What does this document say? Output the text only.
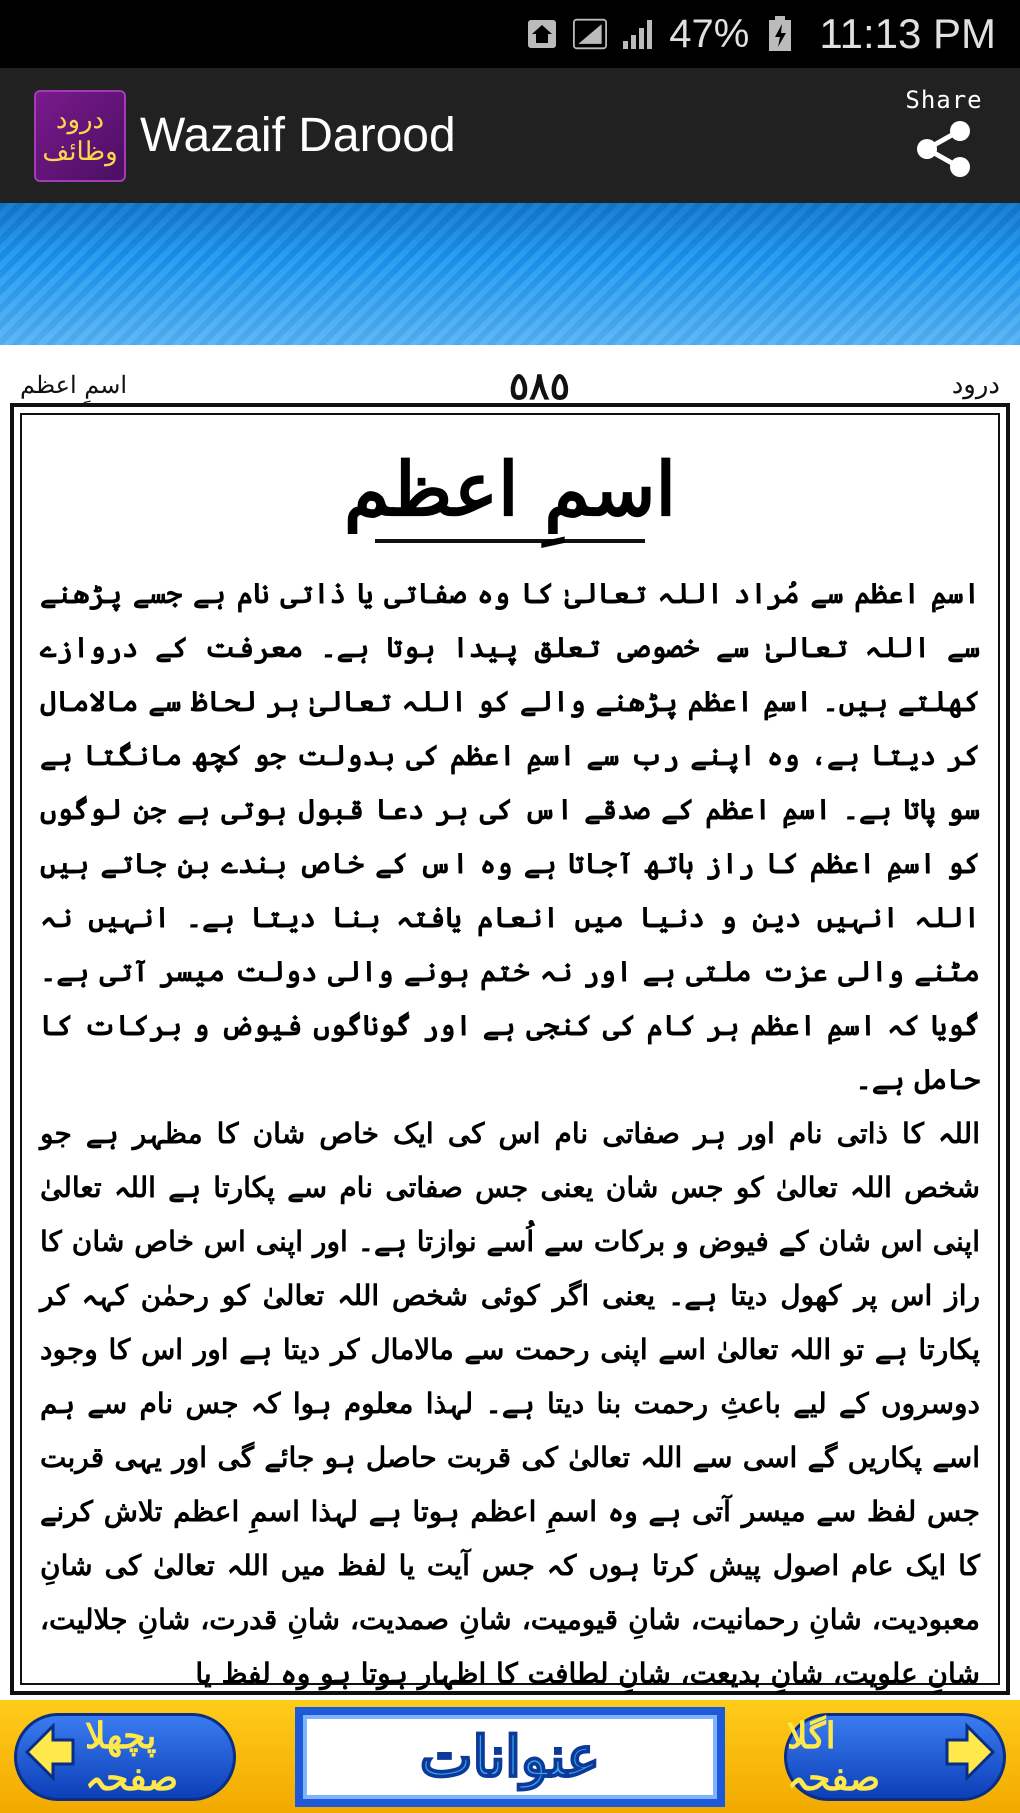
47% 11:13 PM
درود
وظائف Wazaif Darood
Share
درود
٥٨٥
اسمِ اعظم
اسمِ اعظم

اسمِ اعظم سے مُراد اللہ تعالیٰ کا وہ صفاتی یا ذاتی نام ہے جسے پڑھنے سے اللہ تعالیٰ سے خصوصی تعلق پیدا ہوتا ہے۔ معرفت کے دروازے کھلتے ہیں۔ اسمِ اعظم پڑھنے والے کو اللہ تعالیٰ ہر لحاظ سے مالامال کر دیتا ہے، وہ اپنے رب سے اسمِ اعظم کی بدولت جو کچھ مانگتا ہے سو پاتا ہے۔ اسمِ اعظم کے صدقے اس کی ہر دعا قبول ہوتی ہے جن لوگوں کو اسمِ اعظم کا راز ہاتھ آجاتا ہے وہ اس کے خاص بندے بن جاتے ہیں اللہ انہیں دین و دنیا میں انعام یافتہ بنا دیتا ہے۔ انہیں نہ مٹنے والی عزت ملتی ہے اور نہ ختم ہونے والی دولت میسر آتی ہے۔ گویا کہ اسمِ اعظم ہر کام کی کنجی ہے اور گوناگوں فیوض و برکات کا حامل ہے۔

اللہ کا ذاتی نام اور ہر صفاتی نام اس کی ایک خاص شان کا مظہر ہے جو شخص اللہ تعالیٰ کو جس شان یعنی جس صفاتی نام سے پکارتا ہے اللہ تعالیٰ اپنی اس شان کے فیوض و برکات سے اُسے نوازتا ہے۔ اور اپنی اس خاص شان کا راز اس پر کھول دیتا ہے۔ یعنی اگر کوئی شخص اللہ تعالیٰ کو رحمٰن کہہ کر پکارتا ہے تو اللہ تعالیٰ اسے اپنی رحمت سے مالامال کر دیتا ہے اور اس کا وجود دوسروں کے لیے باعثِ رحمت بنا دیتا ہے۔ لہذا معلوم ہوا کہ جس نام سے ہم اسے پکاریں گے اسی سے اللہ تعالیٰ کی قربت حاصل ہو جائے گی اور یہی قربت جس لفظ سے میسر آتی ہے وہ اسمِ اعظم ہوتا ہے لہذا اسمِ اعظم تلاش کرنے کا ایک عام اصول پیش کرتا ہوں کہ جس آیت یا لفظ میں اللہ تعالیٰ کی شانِ معبودیت، شانِ رحمانیت، شانِ قیومیت، شانِ صمدیت، شانِ قدرت، شانِ جلالیت، شانِ علویت، شانِ بدیعت، شانِ لطافت کا اظہار ہوتا ہو وہ لفظ یا

پچھلا صفحہ	عنوانات	اگلا صفحہ
